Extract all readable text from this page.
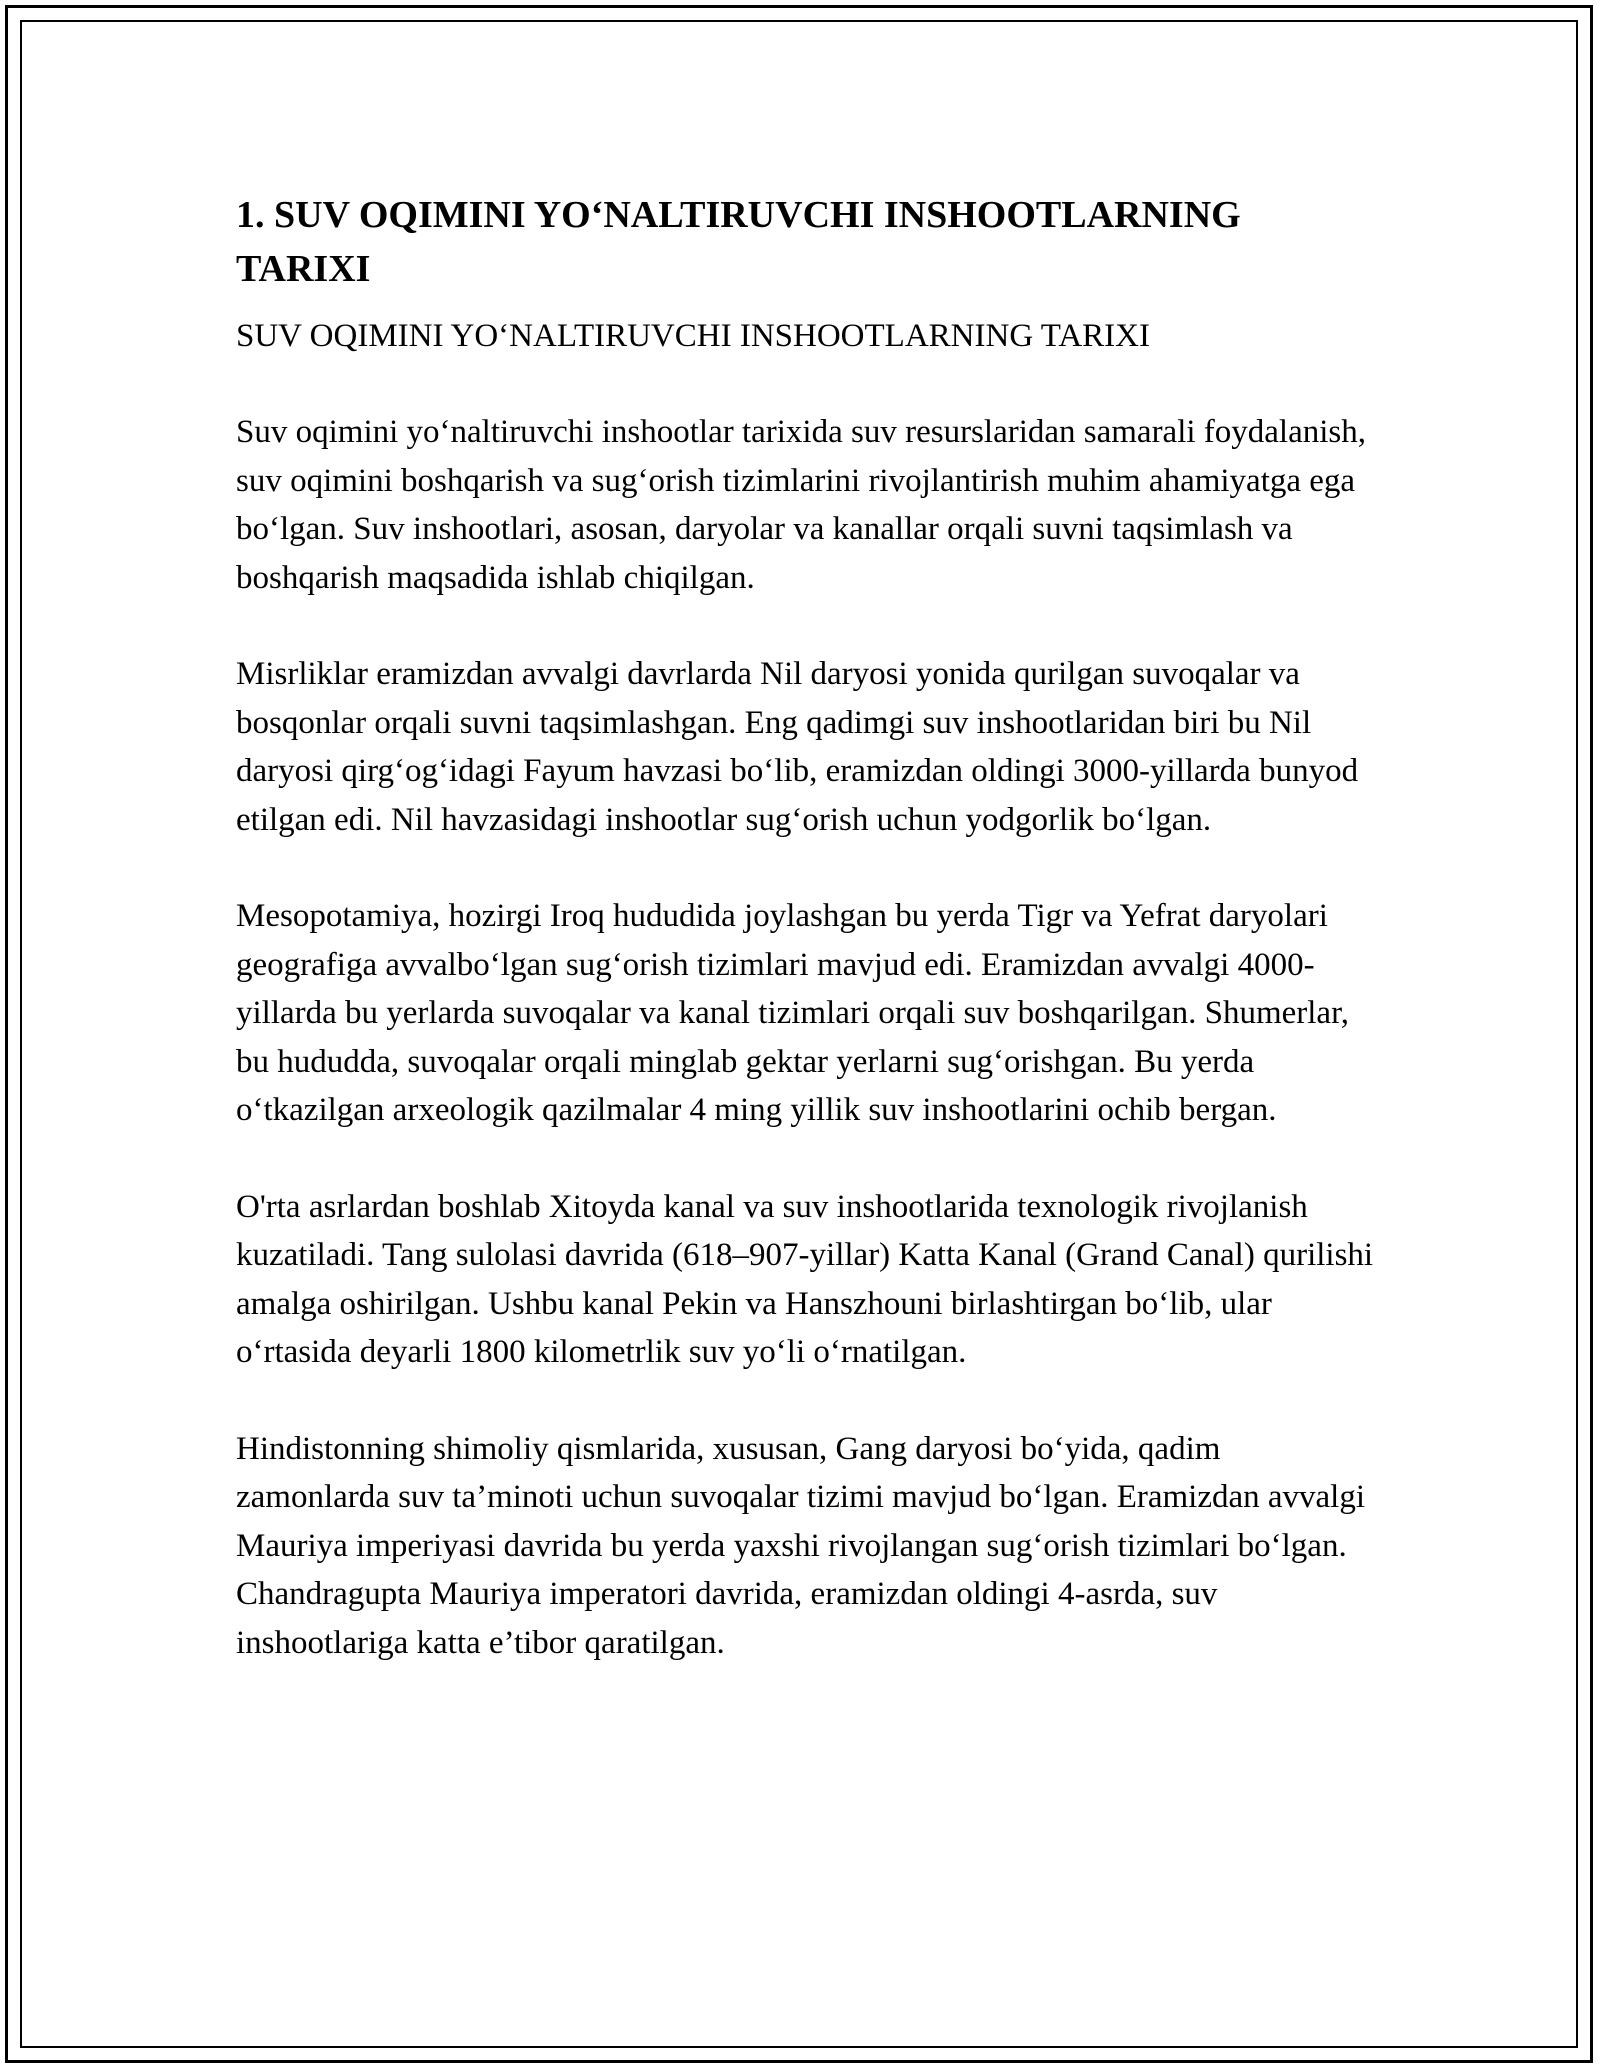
1. SUV OQIMINI YO‘NALTIRUVCHI INSHOOTLARNING TARIXI

SUV OQIMINI YO‘NALTIRUVCHI INSHOOTLARNING TARIXI

Suv oqimini yo‘naltiruvchi inshootlar tarixida suv resurslaridan samarali foydalanish, suv oqimini boshqarish va sug‘orish tizimlarini rivojlantirish muhim ahamiyatga ega bo‘lgan. Suv inshootlari, asosan, daryolar va kanallar orqali suvni taqsimlash va boshqarish maqsadida ishlab chiqilgan.

Misrliklar eramizdan avvalgi davrlarda Nil daryosi yonida qurilgan suvoqalar va bosqonlar orqali suvni taqsimlashgan. Eng qadimgi suv inshootlaridan biri bu Nil daryosi qirg‘og‘idagi Fayum havzasi bo‘lib, eramizdan oldingi 3000-yillarda bunyod etilgan edi. Nil havzasidagi inshootlar sug‘orish uchun yodgorlik bo‘lgan.

Mesopotamiya, hozirgi Iroq hududida joylashgan bu yerda Tigr va Yefrat daryolari geografiga avvalbo‘lgan sug‘orish tizimlari mavjud edi. Eramizdan avvalgi 4000-yillarda bu yerlarda suvoqalar va kanal tizimlari orqali suv boshqarilgan. Shumerlar, bu hududda, suvoqalar orqali minglab gektar yerlarni sug‘orishgan. Bu yerda o‘tkazilgan arxeologik qazilmalar 4 ming yillik suv inshootlarini ochib bergan.

O'rta asrlardan boshlab Xitoyda kanal va suv inshootlarida texnologik rivojlanish kuzatiladi. Tang sulolasi davrida (618–907-yillar) Katta Kanal (Grand Canal) qurilishi amalga oshirilgan. Ushbu kanal Pekin va Hanszhouni birlashtirgan bo‘lib, ular o‘rtasida deyarli 1800 kilometrlik suv yo‘li o‘rnatilgan.

Hindistonning shimoliy qismlarida, xususan, Gang daryosi bo‘yida, qadim zamonlarda suv ta’minoti uchun suvoqalar tizimi mavjud bo‘lgan. Eramizdan avvalgi Mauriya imperiyasi davrida bu yerda yaxshi rivojlangan sug‘orish tizimlari bo‘lgan. Chandragupta Mauriya imperatori davrida, eramizdan oldingi 4-asrda, suv inshootlariga katta e’tibor qaratilgan.
